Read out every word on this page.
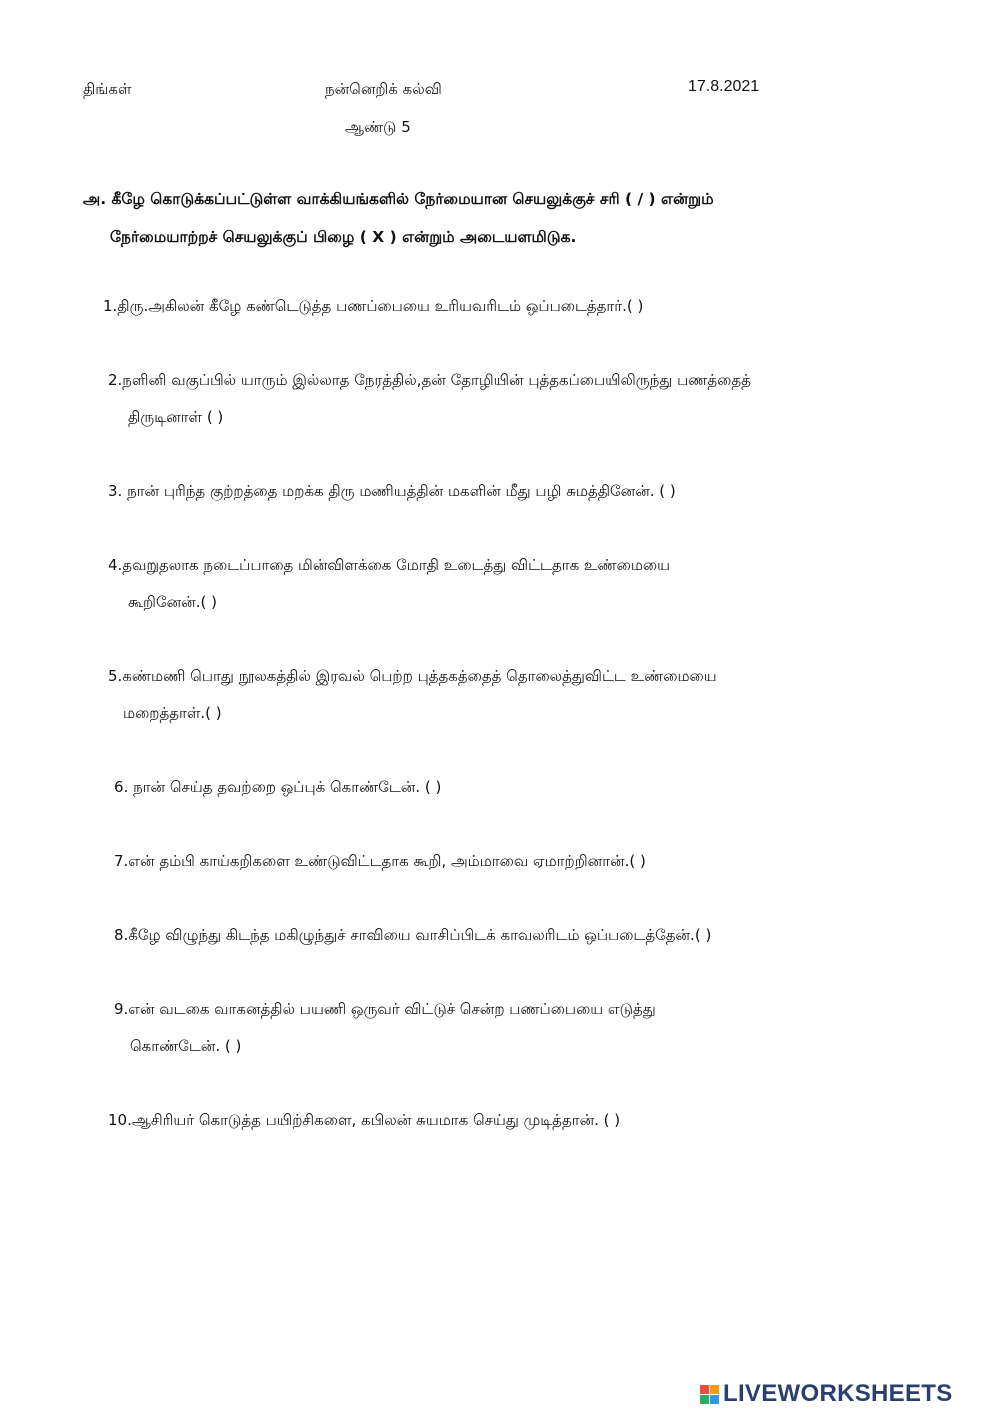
திங்கள்	நன்னெறிக் கல்வி	17.8.2021
ஆண்டு 5
அ. கீழே கொடுக்கப்பட்டுள்ள வாக்கியங்களில் நேர்மையான செயலுக்குச் சரி ( / ) என்றும்
நேர்மையாற்றச் செயலுக்குப் பிழை ( X ) என்றும் அடையளமிடுக.
1.திரு.அகிலன் கீழே கண்டெடுத்த பணப்பையை உரியவரிடம் ஒப்படைத்தார்.( )
2.நளினி வகுப்பில் யாரும் இல்லாத நேரத்தில்,தன் தோழியின் புத்தகப்பையிலிருந்து பணத்தைத்
திருடினாள் ( )
3. நான் புரிந்த குற்றத்தை மறக்க திரு மணியத்தின் மகளின் மீது பழி சுமத்தினேன். ( )
4.தவறுதலாக நடைப்பாதை மின்விளக்கை மோதி உடைத்து விட்டதாக உண்மையை
கூறினேன்.( )
5.கண்மணி பொது நூலகத்தில் இரவல் பெற்ற புத்தகத்தைத் தொலைத்துவிட்ட உண்மையை
மறைத்தாள்.( )
6. நான் செய்த தவற்றை ஒப்புக் கொண்டேன். ( )
7.என் தம்பி காய்கறிகளை உண்டுவிட்டதாக கூறி, அம்மாவை ஏமாற்றினான்.( )
8.கீழே விழுந்து கிடந்த மகிழுந்துச் சாவியை வாசிப்பிடக் காவலரிடம் ஒப்படைத்தேன்.( )
9.என் வடகை வாகனத்தில் பயணி ஒருவர் விட்டுச் சென்ற பணப்பையை எடுத்து
கொண்டேன். ( )
10.ஆசிரியர் கொடுத்த பயிற்சிகளை, கபிலன் சுயமாக செய்து முடித்தான். ( )
LIVEWORKSHEETS
